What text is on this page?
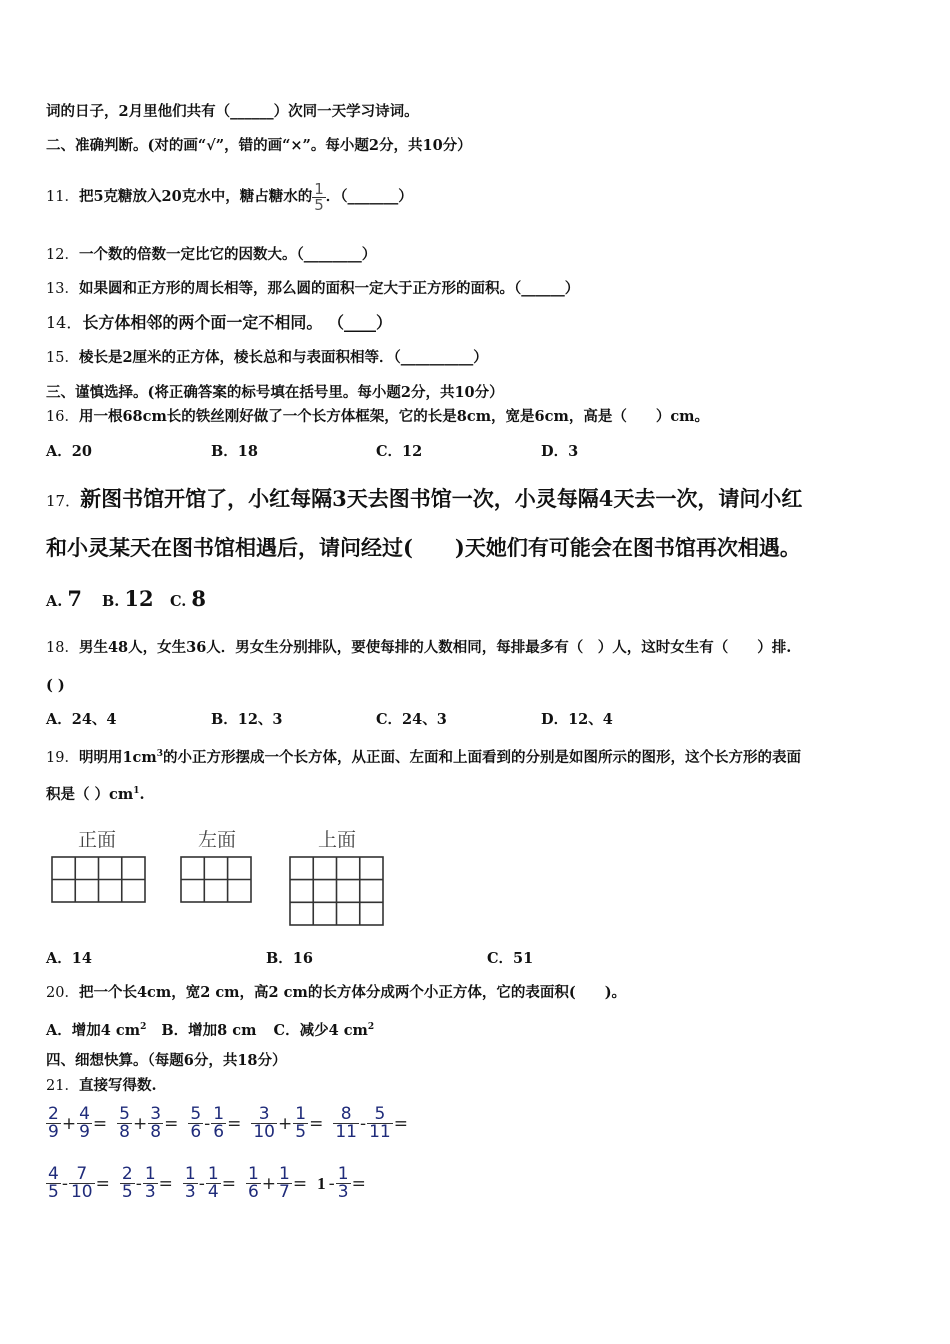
词的日子，2月里他们共有（______）次同一天学习诗词。
二、准确判断。(对的画“√”，错的画“×”。每小题2分，共10分）
11．把5克糖放入20克水中，糖占糖水的 $\frac{1}{5}$ ．（_______）
12．一个数的倍数一定比它的因数大。（________）
13．如果圆和正方形的周长相等，那么圆的面积一定大于正方形的面积。（______）
14．长方体相邻的两个面一定不相同。 （____）
15．棱长是2厘米的正方体，棱长总和与表面积相等．（__________）
三、谨慎选择。(将正确答案的标号填在括号里。每小题2分，共10分）
16．用一根68cm长的铁丝刚好做了一个长方体框架，它的长是8cm，宽是6cm，高是（　　）cm。
A．20	B．18	C．12	D．3
17．新图书馆开馆了，小红每隔3天去图书馆一次，小灵每隔4天去一次，请问小红
和小灵某天在图书馆相遇后，请问经过(　　)天她们有可能会在图书馆再次相遇。
A. 7 B. 12 C. 8
18．男生48人，女生36人．男女生分别排队，要使每排的人数相同，每排最多有（　）人，这时女生有（　　）排.
( )
A．24、4	B．12、3	C．24、3	D．12、4
19．明明用$1cm^3$的小正方形摆成一个长方体，从正面、左面和上面看到的分别是如图所示的图形，这个长方形的表面
积是（ ）$cm^1$.
正面	左面	上面
A．14	B．16	C．51
20．把一个长4cm，宽2 cm，高2 cm的长方体分成两个小正方体，它的表面积(　　)。
A．增加4 $cm^2$ B．增加8 cm C．减少4 $cm^2$
四、细想快算。（每题6分，共18分）
21．直接写得数.
$\frac{2}{9} + \frac{4}{9} = \frac{5}{8} + \frac{3}{8} = \frac{5}{6} - \frac{1}{6} = \frac{3}{10} + \frac{1}{5} = \frac{8}{11} - \frac{5}{11}$ =
$\frac{4}{5} - \frac{7}{10} = \frac{2}{5} - \frac{1}{3} = \frac{1}{3} - \frac{1}{4} = \frac{1}{6} + \frac{1}{7} = 1 - \frac{1}{3}$ =
